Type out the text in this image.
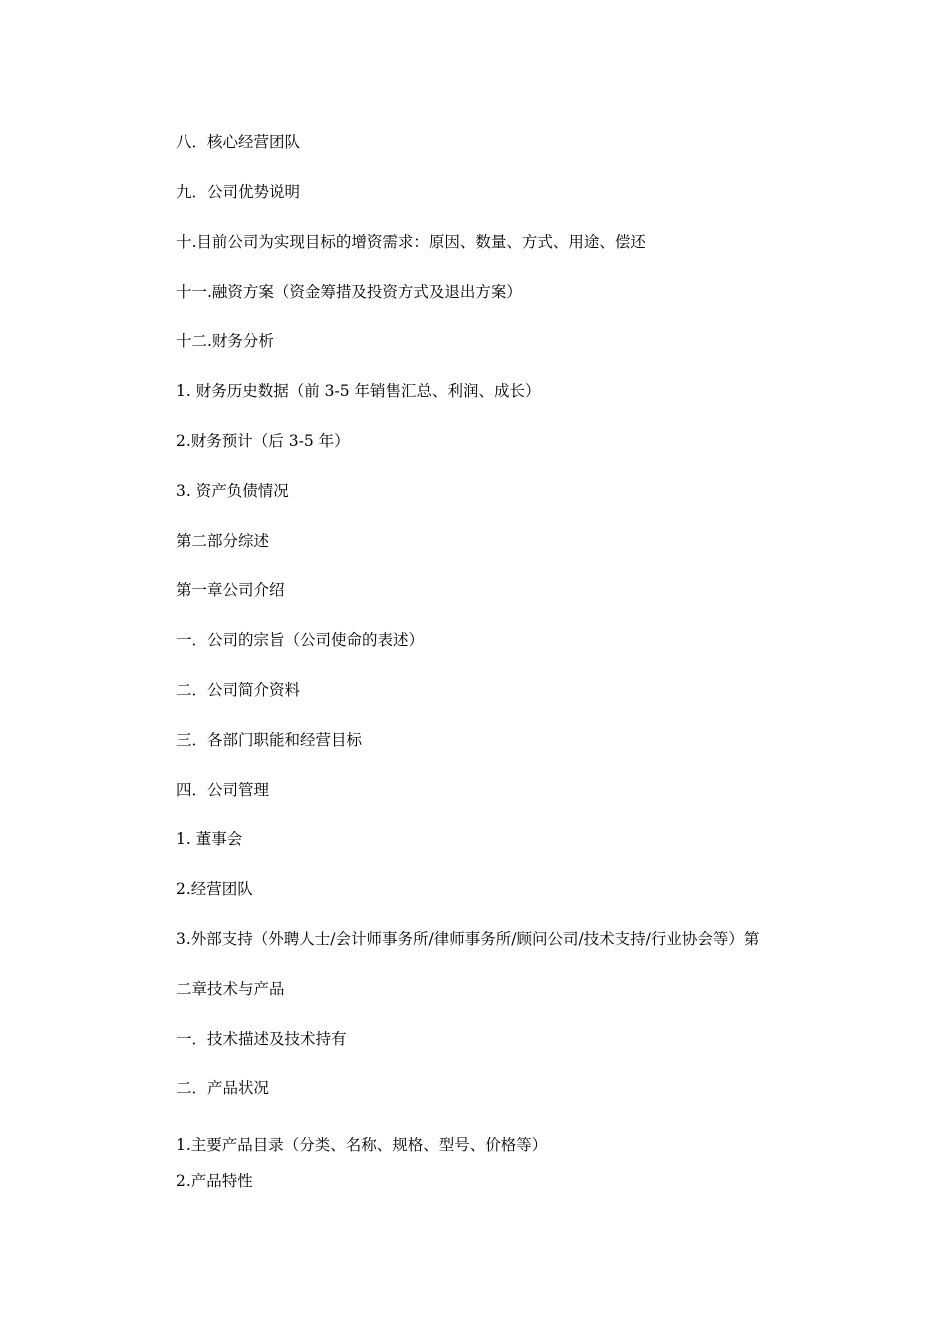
八．核心经营团队
九．公司优势说明
十.目前公司为实现目标的增资需求：原因、数量、方式、用途、偿还
十一.融资方案（资金筹措及投资方式及退出方案）
十二.财务分析
1. 财务历史数据（前 3-5 年销售汇总、利润、成长）
2.财务预计（后 3-5 年）
3. 资产负债情况
第二部分综述
第一章公司介绍
一．公司的宗旨（公司使命的表述）
二．公司简介资料
三．各部门职能和经营目标
四．公司管理
1. 董事会
2.经营团队
3.外部支持（外聘人士/会计师事务所/律师事务所/顾问公司/技术支持/行业协会等）第
二章技术与产品
一．技术描述及技术持有
二．产品状况
1.主要产品目录（分类、名称、规格、型号、价格等）
2.产品特性
